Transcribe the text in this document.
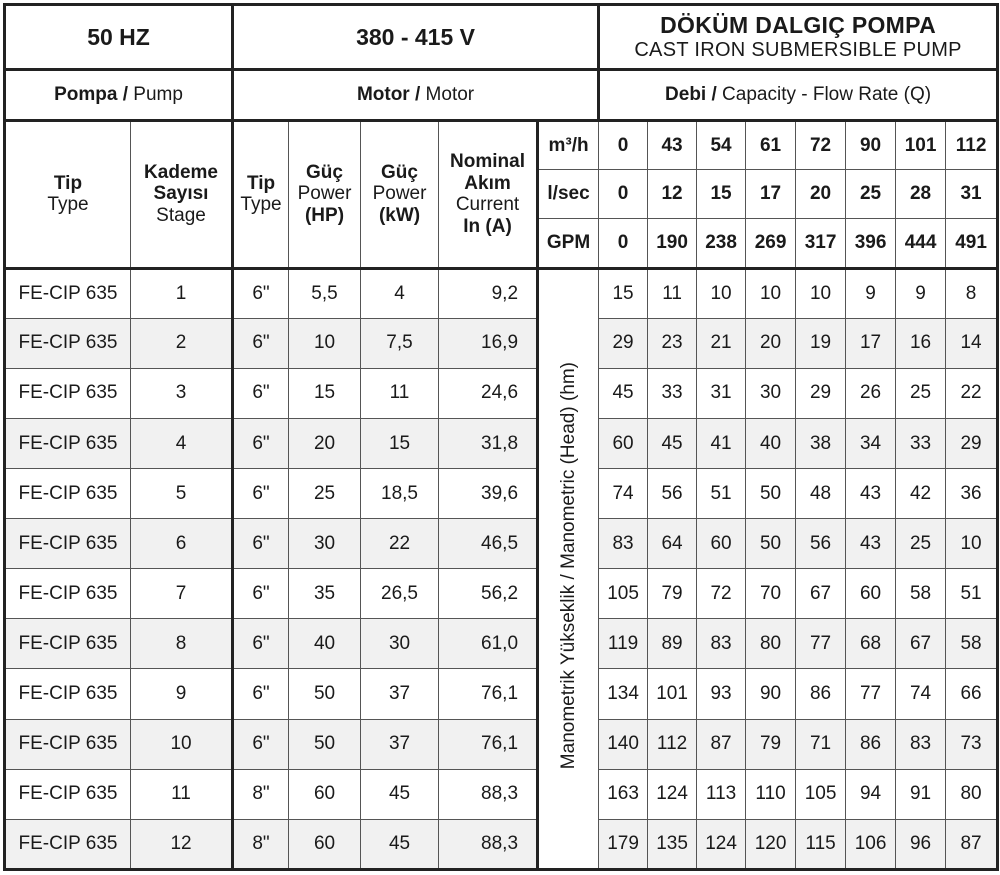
50 HZ		380 - 415 V					DÖKÜM DALGIÇ POMPA
CAST IRON SUBMERSIBLE PUMP							

Pompa / Pump		Motor / Motor					Debi / Capacity - Flow Rate (Q)							

Tip
Type	Kademe
Sayısı
Stage	Tip
Type	Güç
Power
(HP)	Güç
Power
(kW)	Nominal
Akım
Current
In (A)	m³/h	0	43	54	61	72	90	101	112
						l/sec	0	12	15	17	20	25	28	31
						GPM	0	190	238	269	317	396	444	491
FE-CIP 635	1	6"	5,5	4	9,2	Manometrik Yükseklik / Manometric (Head) (hm)	15	11	10	10	10	9	9	8
FE-CIP 635	2	6"	10	7,5	16,9		29	23	21	20	19	17	16	14
FE-CIP 635	3	6"	15	11	24,6		45	33	31	30	29	26	25	22
FE-CIP 635	4	6"	20	15	31,8		60	45	41	40	38	34	33	29
FE-CIP 635	5	6"	25	18,5	39,6		74	56	51	50	48	43	42	36
FE-CIP 635	6	6"	30	22	46,5		83	64	60	50	56	43	25	10
FE-CIP 635	7	6"	35	26,5	56,2		105	79	72	70	67	60	58	51
FE-CIP 635	8	6"	40	30	61,0		119	89	83	80	77	68	67	58
FE-CIP 635	9	6"	50	37	76,1		134	101	93	90	86	77	74	66
FE-CIP 635	10	6"	50	37	76,1		140	112	87	79	71	86	83	73
FE-CIP 635	11	8"	60	45	88,3		163	124	113	110	105	94	91	80
FE-CIP 635	12	8"	60	45	88,3		179	135	124	120	115	106	96	87
